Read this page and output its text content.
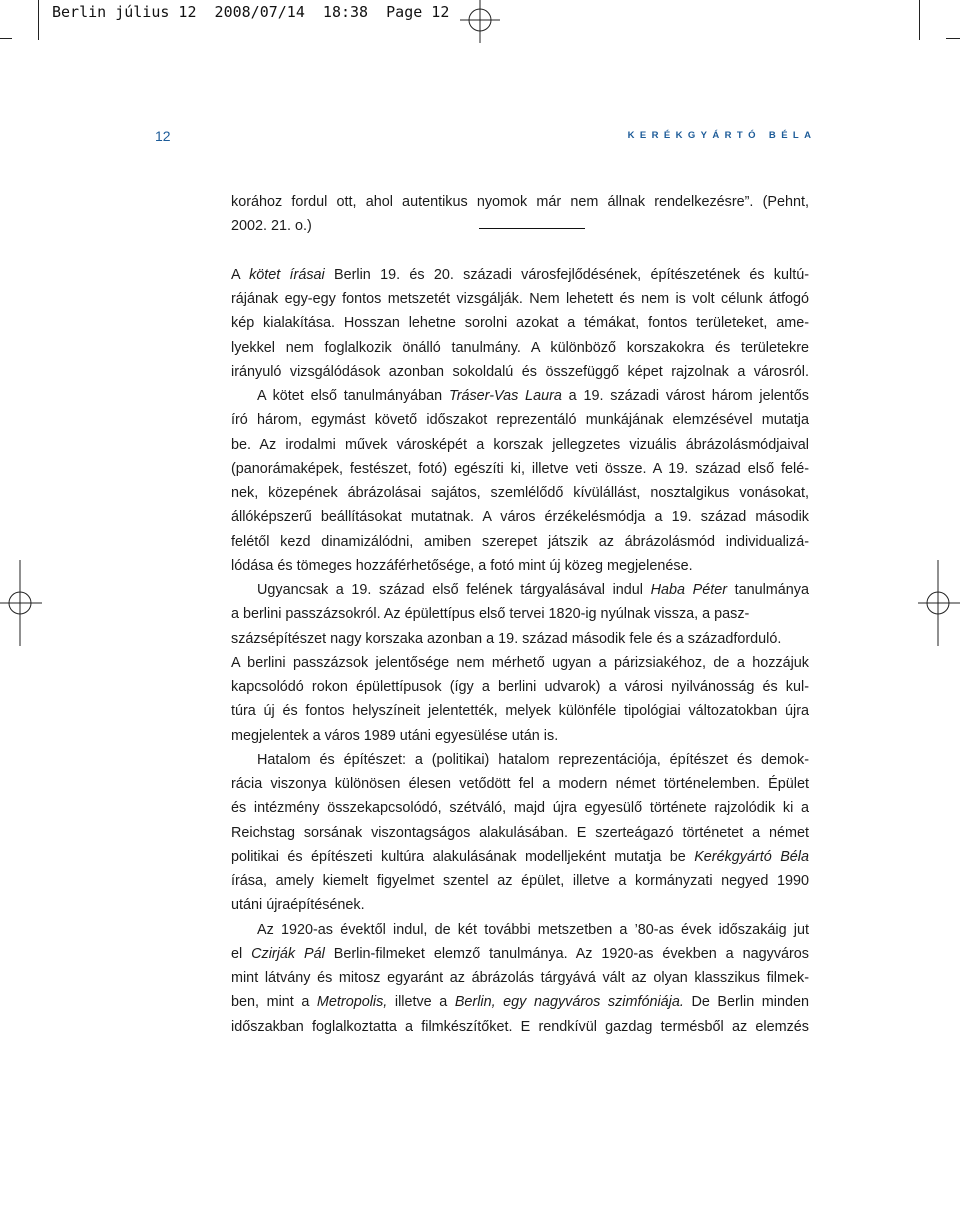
Berlin július 12  2008/07/14  18:38  Page 12
12	KERÉKGYÁRTÓ BÉLA
korához fordul ott, ahol autentikus nyomok már nem állnak rendelkezésre”. (Pehnt,
2002. 21. o.)
A kötet írásai Berlin 19. és 20. századi városfejlődésének, építészetének és kultú-
rájának egy-egy fontos metszetét vizsgálják. Nem lehetett és nem is volt célunk átfogó
kép kialakítása. Hosszan lehetne sorolni azokat a témákat, fontos területeket, ame-
lyekkel nem foglalkozik önálló tanulmány. A különböző korszakokra és területekre
irányuló vizsgálódások azonban sokoldalú és összefüggő képet rajzolnak a városról.
A kötet első tanulmányában Tráser-Vas Laura a 19. századi várost három jelentős
író három, egymást követő időszakot reprezentáló munkájának elemzésével mutatja
be. Az irodalmi művek városképét a korszak jellegzetes vizuális ábrázolásmódjaival
(panorámaképek, festészet, fotó) egészíti ki, illetve veti össze. A 19. század első felé-
nek, közepének ábrázolásai sajátos, szemlélődő kívülállást, nosztalgikus vonásokat,
állóképszerű beállításokat mutatnak. A város érzékelésmódja a 19. század második
felétől kezd dinamizálódni, amiben szerepet játszik az ábrázolásmód individualizá-
lódása és tömeges hozzáférhetősége, a fotó mint új közeg megjelenése.
Ugyancsak a 19. század első felének tárgyalásával indul Haba Péter tanulmánya
a berlini passzázsokról. Az épülettípus első tervei 1820-ig nyúlnak vissza, a pasz-
százsépítészet nagy korszaka azonban a 19. század második fele és a századforduló.
A berlini passzázsok jelentősége nem mérhető ugyan a párizsiakéhoz, de a hozzájuk
kapcsolódó rokon épülettípusok (így a berlini udvarok) a városi nyilvánosság és kul-
túra új és fontos helyszíneit jelentették, melyek különféle tipológiai változatokban újra
megjelentek a város 1989 utáni egyesülése után is.
Hatalom és építészet: a (politikai) hatalom reprezentációja, építészet és demok-
rácia viszonya különösen élesen vetődött fel a modern német történelemben. Épület
és intézmény összekapcsolódó, szétváló, majd újra egyesülő története rajzolódik ki a
Reichstag sorsának viszontagságos alakulásában. E szerteágazó történetet a német
politikai és építészeti kultúra alakulásának modelljeként mutatja be Kerékgyártó Béla
írása, amely kiemelt figyelmet szentel az épület, illetve a kormányzati negyed 1990
utáni újraépítésének.
Az 1920-as évektől indul, de két további metszetben a ’80-as évek időszakáig jut
el Czirják Pál Berlin-filmeket elemző tanulmánya. Az 1920-as években a nagyváros
mint látvány és mitosz egyaránt az ábrázolás tárgyává vált az olyan klasszikus filmek-
ben, mint a Metropolis, illetve a Berlin, egy nagyváros szimfóniája. De Berlin minden
időszakban foglalkoztatta a filmkészítőket. E rendkívül gazdag termésből az elemzés
